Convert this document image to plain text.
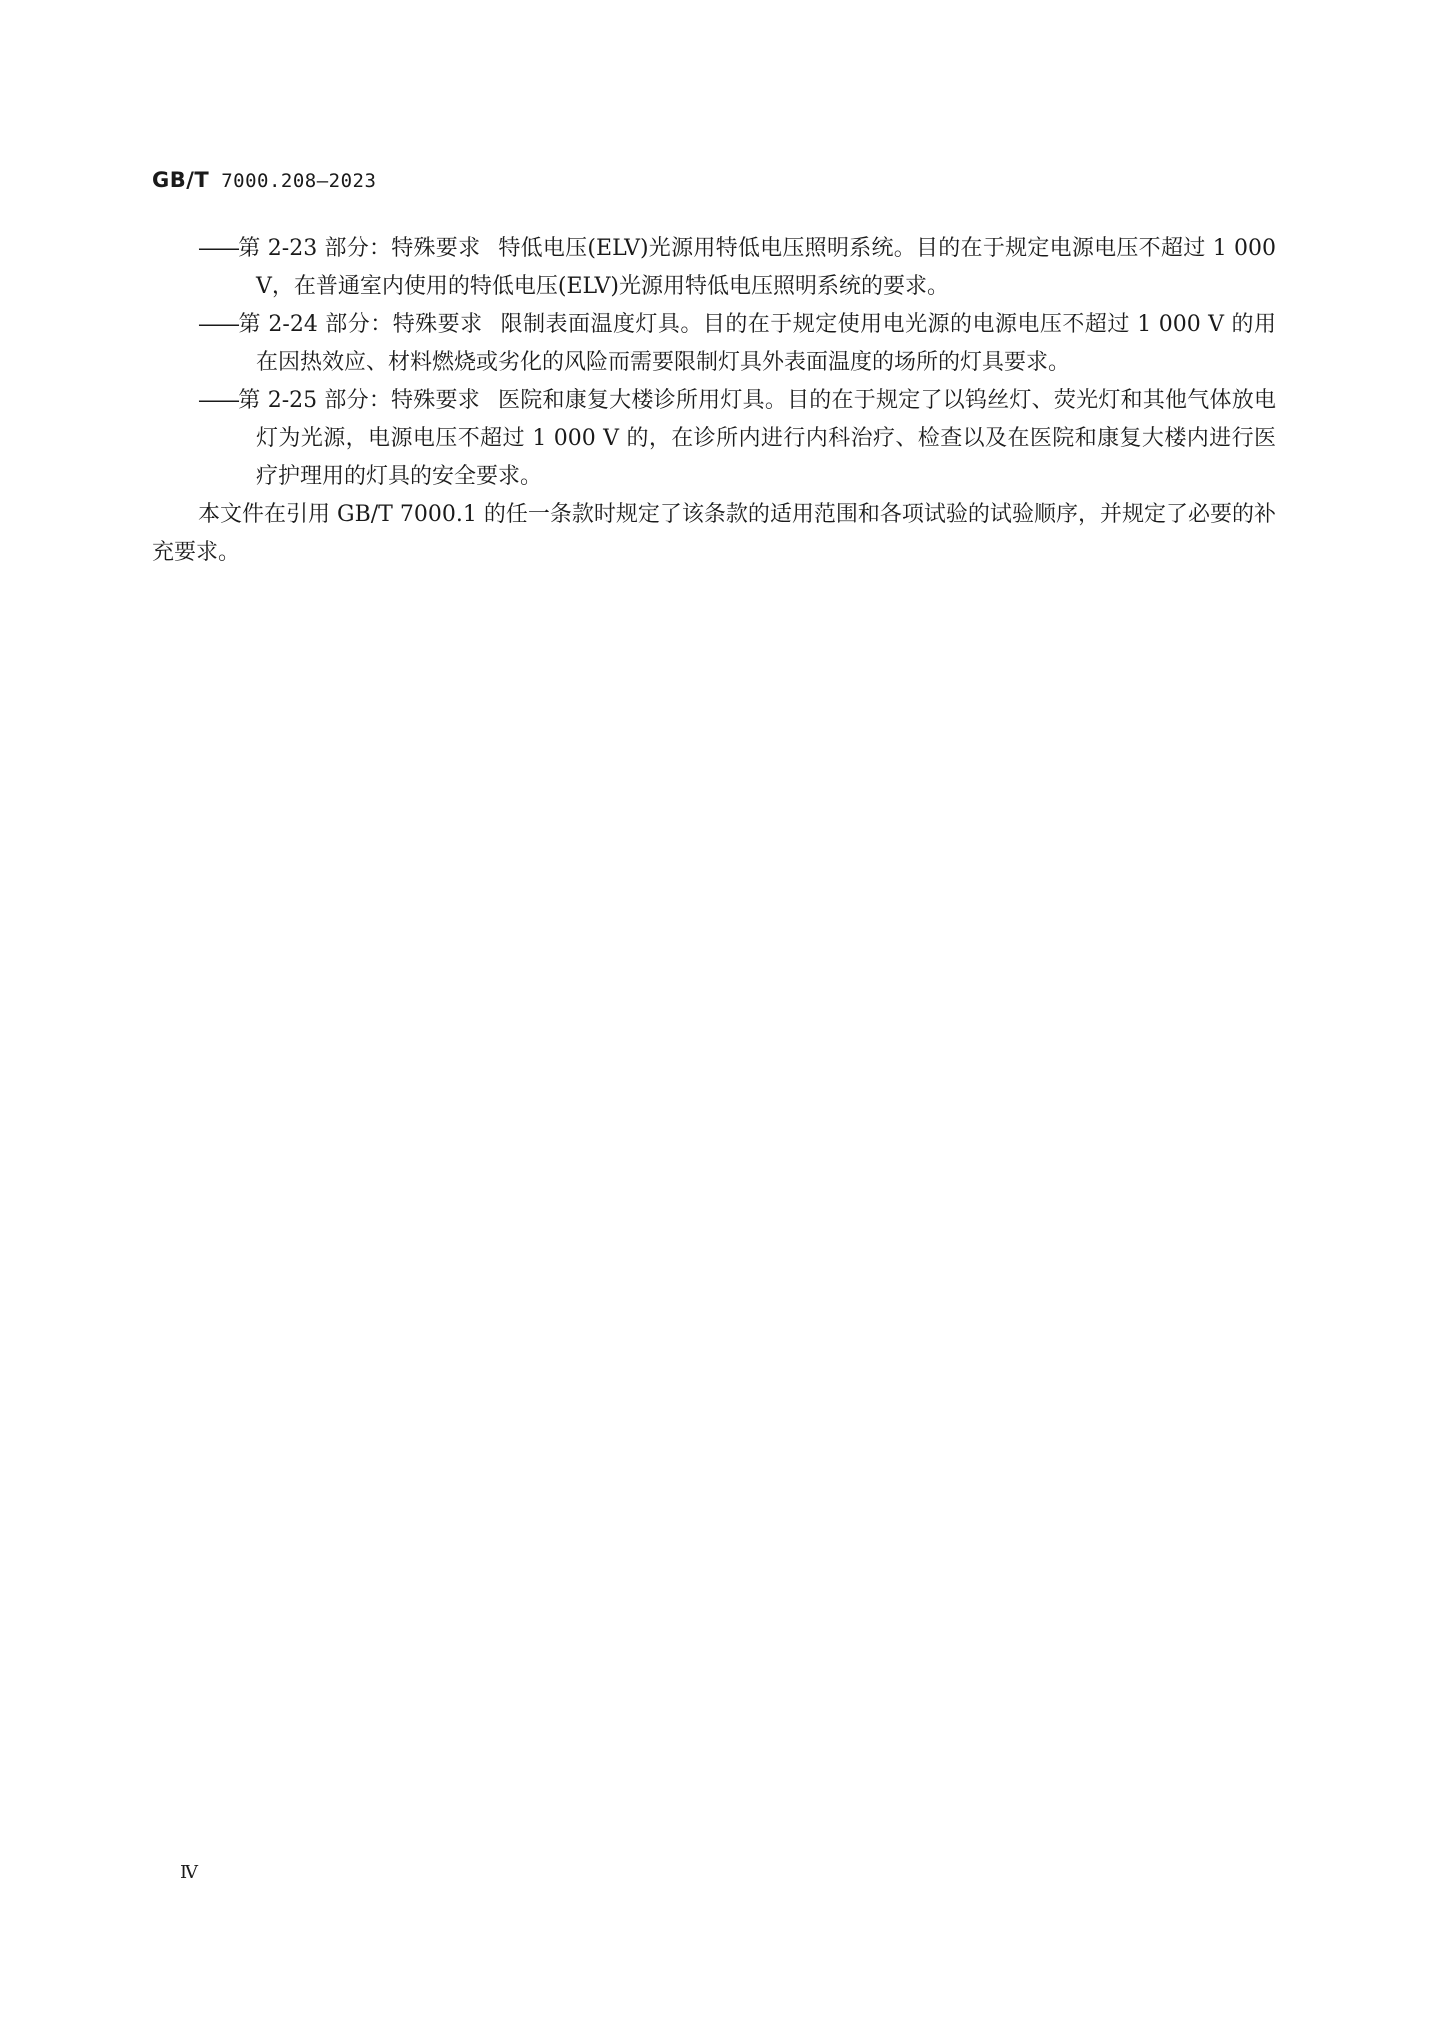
GB/T 7000.208—2023

——第 2-23 部分：特殊要求 特低电压(ELV)光源用特低电压照明系统。目的在于规定电源电压不超过 1 000 V，在普通室内使用的特低电压(ELV)光源用特低电压照明系统的要求。

——第 2-24 部分：特殊要求 限制表面温度灯具。目的在于规定使用电光源的电源电压不超过 1 000 V 的用在因热效应、材料燃烧或劣化的风险而需要限制灯具外表面温度的场所的灯具要求。

——第 2-25 部分：特殊要求 医院和康复大楼诊所用灯具。目的在于规定了以钨丝灯、荧光灯和其他气体放电灯为光源，电源电压不超过 1 000 V 的，在诊所内进行内科治疗、检查以及在医院和康复大楼内进行医疗护理用的灯具的安全要求。

本文件在引用 GB/T 7000.1 的任一条款时规定了该条款的适用范围和各项试验的试验顺序，并规定了必要的补充要求。

Ⅳ
